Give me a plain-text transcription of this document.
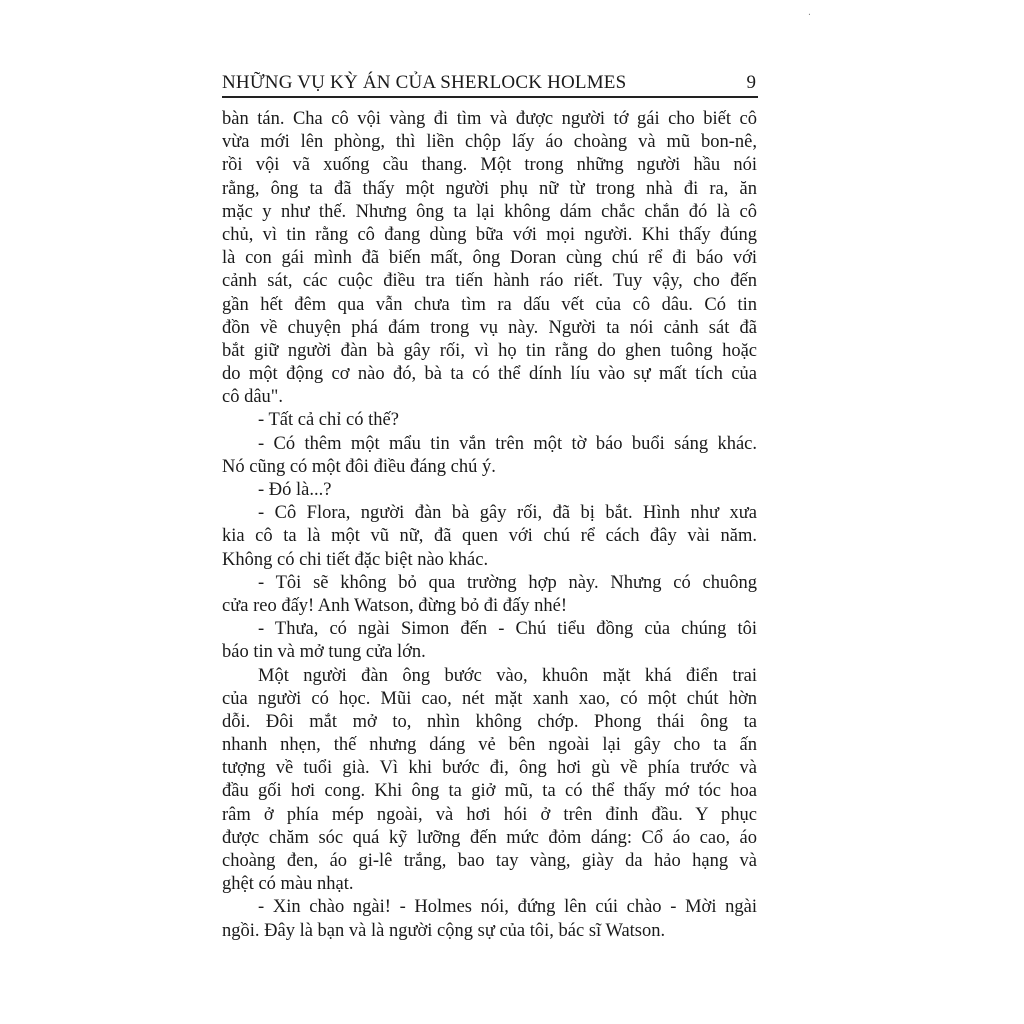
·
NHỮNG VỤ KỲ ÁN CỦA SHERLOCK HOLMES	9
bàn tán. Cha cô vội vàng đi tìm và được người tớ gái cho biết cô
vừa mới lên phòng, thì liền chộp lấy áo choàng và mũ bon-nê,
rồi vội vã xuống cầu thang. Một trong những người hầu nói
rằng, ông ta đã thấy một người phụ nữ từ trong nhà đi ra, ăn
mặc y như thế. Nhưng ông ta lại không dám chắc chắn đó là cô
chủ, vì tin rằng cô đang dùng bữa với mọi người. Khi thấy đúng
là con gái mình đã biến mất, ông Doran cùng chú rể đi báo với
cảnh sát, các cuộc điều tra tiến hành ráo riết. Tuy vậy, cho đến
gần hết đêm qua vẫn chưa tìm ra dấu vết của cô dâu. Có tin
đồn về chuyện phá đám trong vụ này. Người ta nói cảnh sát đã
bắt giữ người đàn bà gây rối, vì họ tin rằng do ghen tuông hoặc
do một động cơ nào đó, bà ta có thể dính líu vào sự mất tích của
cô dâu".
- Tất cả chỉ có thế?
- Có thêm một mẩu tin vắn trên một tờ báo buổi sáng khác.
Nó cũng có một đôi điều đáng chú ý.
- Đó là...?
- Cô Flora, người đàn bà gây rối, đã bị bắt. Hình như xưa
kia cô ta là một vũ nữ, đã quen với chú rể cách đây vài năm.
Không có chi tiết đặc biệt nào khác.
- Tôi sẽ không bỏ qua trường hợp này. Nhưng có chuông
cửa reo đấy! Anh Watson, đừng bỏ đi đấy nhé!
- Thưa, có ngài Simon đến - Chú tiểu đồng của chúng tôi
báo tin và mở tung cửa lớn.
Một người đàn ông bước vào, khuôn mặt khá điển trai
của người có học. Mũi cao, nét mặt xanh xao, có một chút hờn
dỗi. Đôi mắt mở to, nhìn không chớp. Phong thái ông ta
nhanh nhẹn, thế nhưng dáng vẻ bên ngoài lại gây cho ta ấn
tượng về tuổi già. Vì khi bước đi, ông hơi gù về phía trước và
đầu gối hơi cong. Khi ông ta giở mũ, ta có thể thấy mớ tóc hoa
râm ở phía mép ngoài, và hơi hói ở trên đỉnh đầu. Y phục
được chăm sóc quá kỹ lưỡng đến mức đỏm dáng: Cổ áo cao, áo
choàng đen, áo gi-lê trắng, bao tay vàng, giày da hảo hạng và
ghệt có màu nhạt.
- Xin chào ngài! - Holmes nói, đứng lên cúi chào - Mời ngài
ngồi. Đây là bạn và là người cộng sự của tôi, bác sĩ Watson.
